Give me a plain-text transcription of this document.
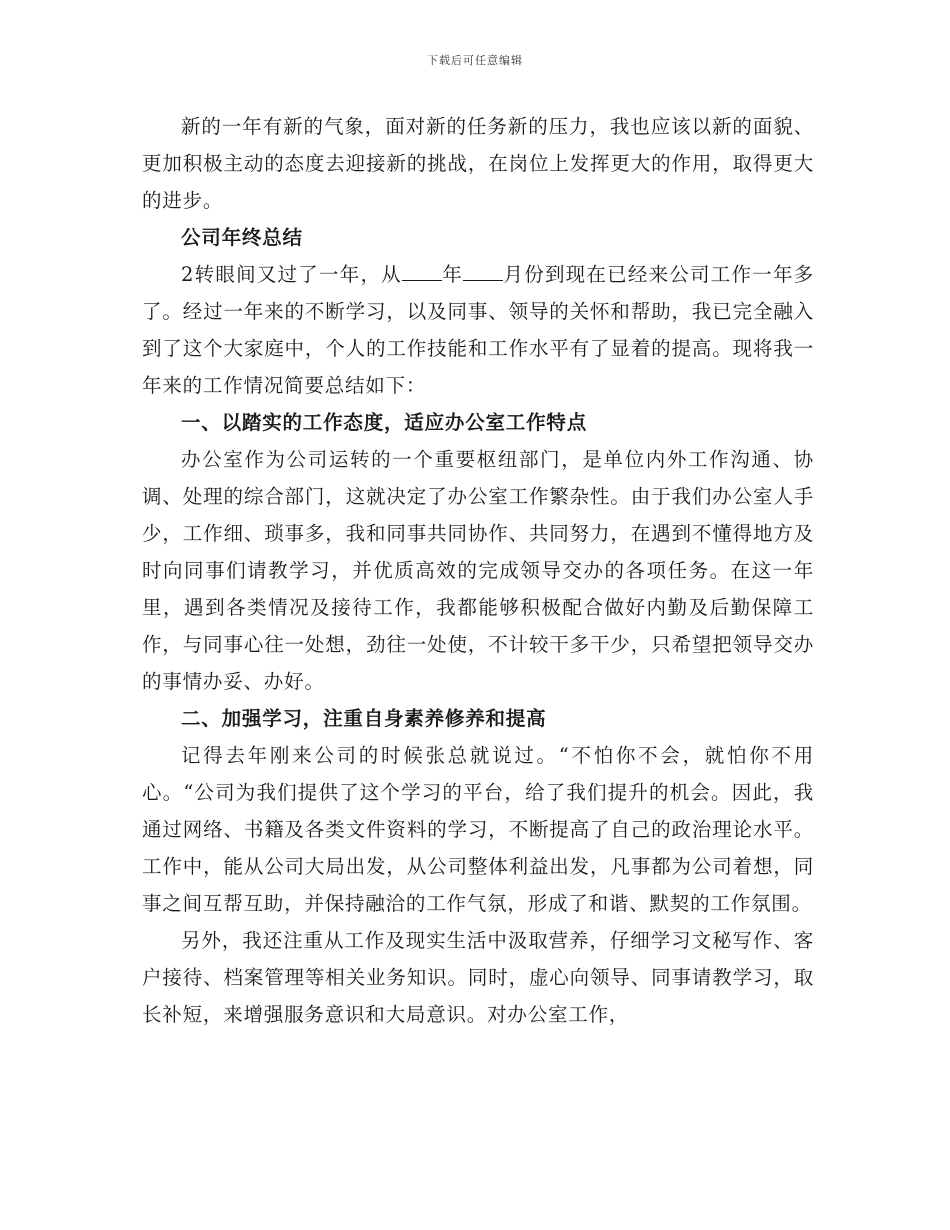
下载后可任意编辑

新的一年有新的气象，面对新的任务新的压力，我也应该以新的面貌、更加积极主动的态度去迎接新的挑战，在岗位上发挥更大的作用，取得更大的进步。

公司年终总结

2转眼间又过了一年，从 年 月份到现在已经来公司工作一年多了。经过一年来的不断学习，以及同事、领导的关怀和帮助，我已完全融入到了这个大家庭中，个人的工作技能和工作水平有了显着的提高。现将我一年来的工作情况简要总结如下：

一、以踏实的工作态度，适应办公室工作特点

办公室作为公司运转的一个重要枢纽部门，是单位内外工作沟通、协调、处理的综合部门，这就决定了办公室工作繁杂性。由于我们办公室人手少，工作细、琐事多，我和同事共同协作、共同努力，在遇到不懂得地方及时向同事们请教学习，并优质高效的完成领导交办的各项任务。在这一年里，遇到各类情况及接待工作，我都能够积极配合做好内勤及后勤保障工作，与同事心往一处想，劲往一处使，不计较干多干少，只希望把领导交办的事情办妥、办好。

二、加强学习，注重自身素养修养和提高

记得去年刚来公司的时候张总就说过。“不怕你不会，就怕你不用心。“公司为我们提供了这个学习的平台，给了我们提升的机会。因此，我通过网络、书籍及各类文件资料的学习，不断提高了自己的政治理论水平。工作中，能从公司大局出发，从公司整体利益出发，凡事都为公司着想，同事之间互帮互助，并保持融洽的工作气氛，形成了和谐、默契的工作氛围。

另外，我还注重从工作及现实生活中汲取营养，仔细学习文秘写作、客户接待、档案管理等相关业务知识。同时，虚心向领导、同事请教学习，取长补短，来增强服务意识和大局意识。对办公室工作，
